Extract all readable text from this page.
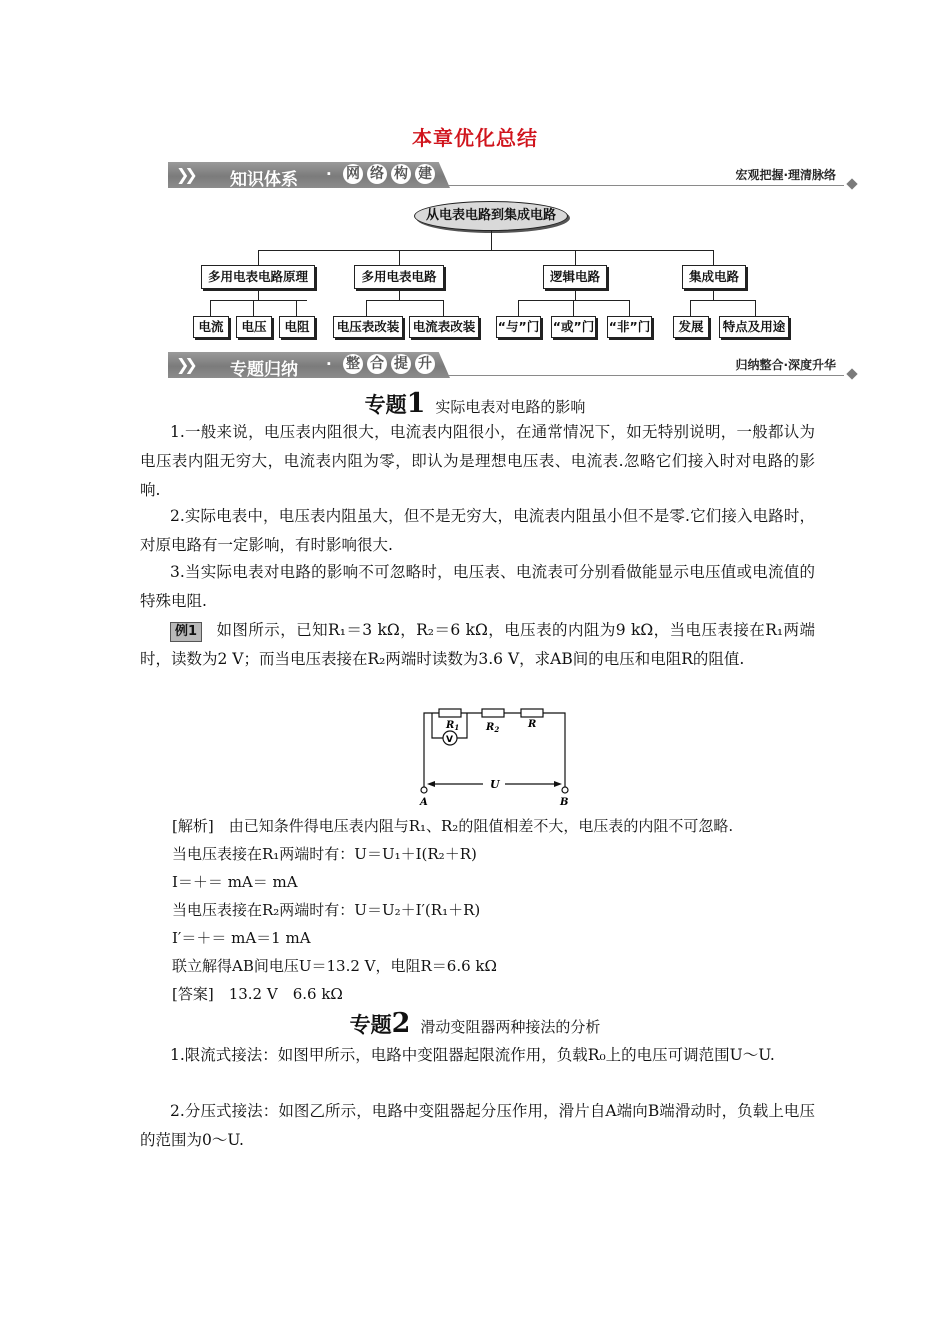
本章优化总结
❯❯ 知识体系 · 网 络 构 建	宏观把握·理清脉络
从电表电路到集成电路
多用电表电路原理	多用电表电路	逻辑电路	集成电路
电流	电压	电阻	电压表改装	电流表改装	“与”门 “或”门 “非”门	发展	特点及用途
❯❯ 专题归纳 · 整 合 提 升	归纳整合·深度升华
专题1 实际电表对电路的影响
1.一般来说，电压表内阻很大，电流表内阻很小，在通常情况下，如无特别说明，一般都认为电压表内阻无穷大，电流表内阻为零，即认为是理想电压表、电流表.忽略它们接入时对电路的影响.
2.实际电表中，电压表内阻虽大，但不是无穷大，电流表内阻虽小但不是零.它们接入电路时，对原电路有一定影响，有时影响很大.
3.当实际电表对电路的影响不可忽略时，电压表、电流表可分别看做能显示电压值或电流值的特殊电阻.
例1 如图所示，已知R₁＝3 kΩ，R₂＝6 kΩ，电压表的内阻为9 kΩ，当电压表接在R₁两端时，读数为2 V；而当电压表接在R₂两端时读数为3.6 V，求AB间的电压和电阻R的阻值.
$R_1$	$R_2$	R
V
U
A	B
[解析]　由已知条件得电压表内阻与R₁、R₂的阻值相差不大，电压表的内阻不可忽略.
当电压表接在R₁两端时有：U＝U₁＋I(R₂＋R)
I＝＋＝ mA＝ mA
当电压表接在R₂两端时有：U＝U₂＋I′(R₁＋R)
I′＝＋＝ mA＝1 mA
联立解得AB间电压U＝13.2 V，电阻R＝6.6 kΩ
[答案]　13.2 V　6.6 kΩ
专题2 滑动变阻器两种接法的分析
1.限流式接法：如图甲所示，电路中变阻器起限流作用，负载R₀上的电压可调范围U～U.
2.分压式接法：如图乙所示，电路中变阻器起分压作用，滑片自A端向B端滑动时，负载上电压的范围为0～U.
